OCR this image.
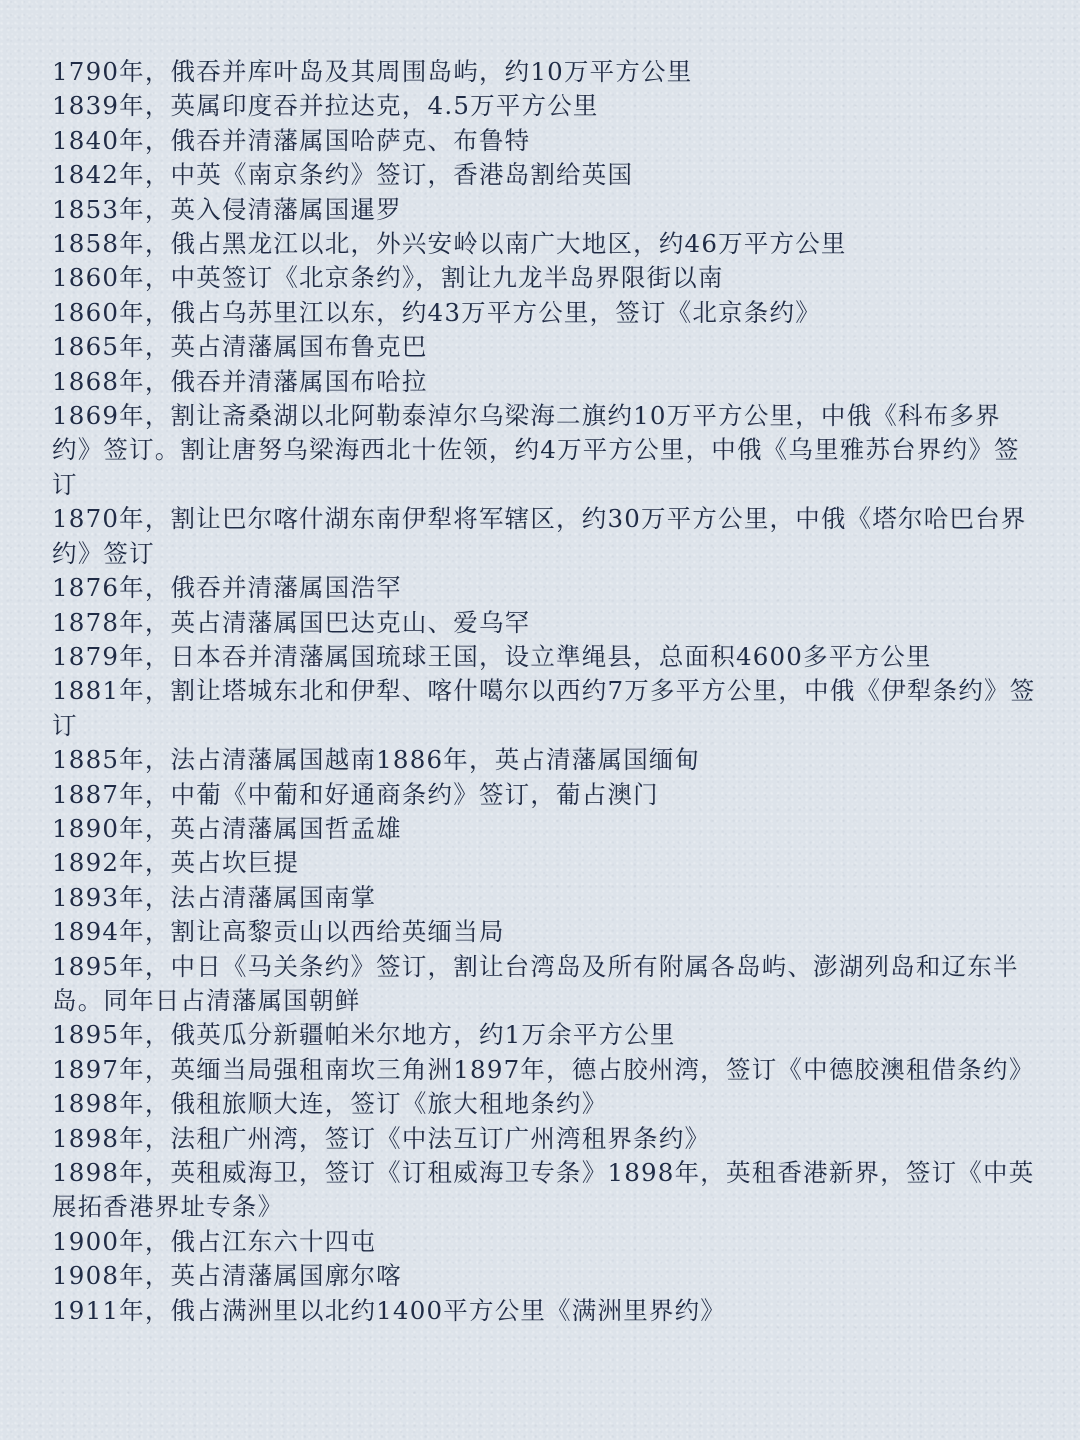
1790年，俄吞并库叶岛及其周围岛屿，约10万平方公里
1839年，英属印度吞并拉达克，4.5万平方公里
1840年，俄吞并清藩属国哈萨克、布鲁特
1842年，中英《南京条约》签订，香港岛割给英国
1853年，英入侵清藩属国暹罗
1858年，俄占黑龙江以北，外兴安岭以南广大地区，约46万平方公里
1860年，中英签订《北京条约》，割让九龙半岛界限街以南
1860年，俄占乌苏里江以东，约43万平方公里，签订《北京条约》
1865年，英占清藩属国布鲁克巴
1868年，俄吞并清藩属国布哈拉
1869年，割让斋桑湖以北阿勒泰淖尔乌梁海二旗约10万平方公里，中俄《科布多界约》签订。割让唐努乌梁海西北十佐领，约4万平方公里，中俄《乌里雅苏台界约》签订
1870年，割让巴尔喀什湖东南伊犁将军辖区，约30万平方公里，中俄《塔尔哈巴台界约》签订
1876年，俄吞并清藩属国浩罕
1878年，英占清藩属国巴达克山、爱乌罕
1879年，日本吞并清藩属国琉球王国，设立準绳县，总面积4600多平方公里
1881年，割让塔城东北和伊犁、喀什噶尔以西约7万多平方公里，中俄《伊犁条约》签订
1885年，法占清藩属国越南1886年，英占清藩属国缅甸
1887年，中葡《中葡和好通商条约》签订，葡占澳门
1890年，英占清藩属国哲孟雄
1892年，英占坎巨提
1893年，法占清藩属国南掌
1894年，割让高黎贡山以西给英缅当局
1895年，中日《马关条约》签订，割让台湾岛及所有附属各岛屿、澎湖列岛和辽东半岛。同年日占清藩属国朝鲜
1895年，俄英瓜分新疆帕米尔地方，约1万余平方公里
1897年，英缅当局强租南坎三角洲1897年，德占胶州湾，签订《中德胶澳租借条约》
1898年，俄租旅顺大连，签订《旅大租地条约》
1898年，法租广州湾，签订《中法互订广州湾租界条约》
1898年，英租威海卫，签订《订租威海卫专条》1898年，英租香港新界，签订《中英展拓香港界址专条》
1900年，俄占江东六十四屯
1908年，英占清藩属国廓尔喀
1911年，俄占满洲里以北约1400平方公里《满洲里界约》
